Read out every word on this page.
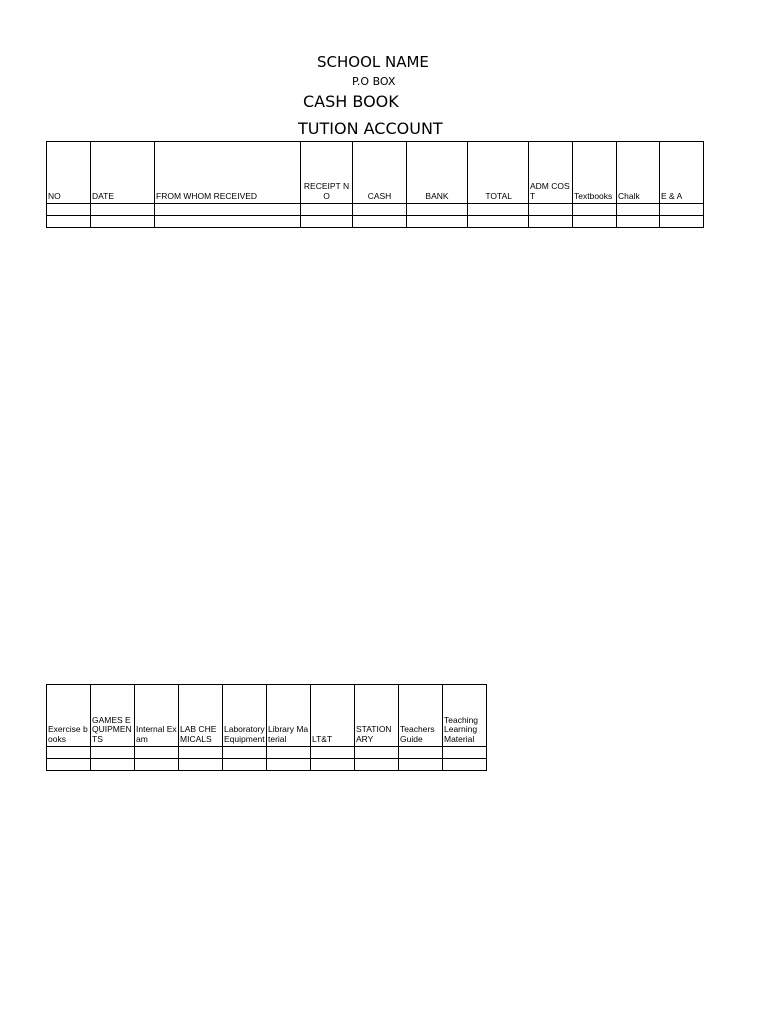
SCHOOL NAME
P.O BOX
CASH BOOK
TUTION ACCOUNT
NO	DATE	FROM WHOM RECEIVED	RECEIPT NO	CASH	BANK	TOTAL	ADM COST	Textbooks	Chalk	E & A

Exercise books	GAMES EQUIPMENTS	Internal Exam	LAB CHEMICALS	Laboratory Equipment	Library Material	LT&T	STATIONARY	Teachers Guide	Teaching Learning Material
